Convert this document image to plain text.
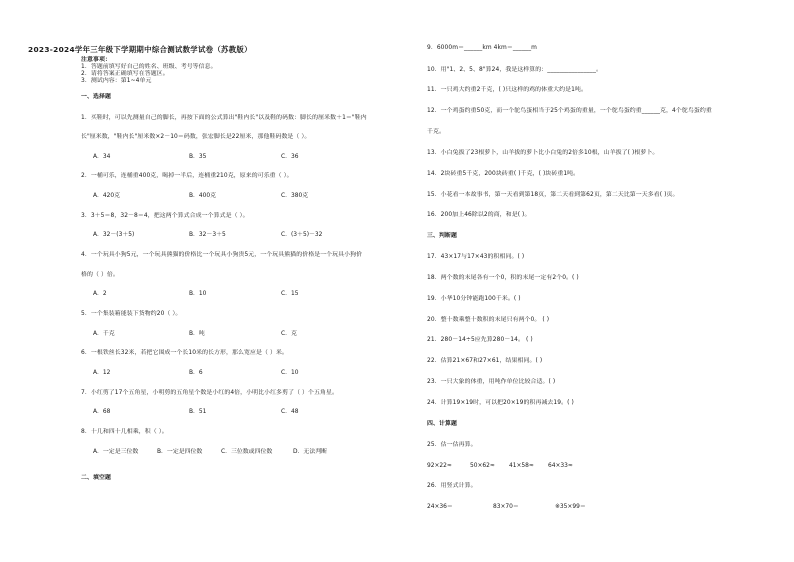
2023-2024学年三年级下学期期中综合测试数学试卷（苏教版）
注意事项：
1．答题前填写好自己的姓名、班级、考号等信息。
2．请将答案正确填写在答题区。
3．测试内容：第1~4单元
一、选择题
1．买鞋时，可以先测量自己的脚长，再按下面的公式算出"鞋内长"以及鞋的码数：脚长的厘米数＋1＝"鞋内
长"厘米数，"鞋内长"厘米数×2－10＝码数，张宏脚长是22厘米，那他鞋码数是（ ）。
A．34	B．35	C．36
2．一桶可乐，连桶重400克，喝掉一半后，连桶重210克，原来的可乐重（ ）。
A．420克	B．400克	C．380克
3．3＋5＝8，32－8＝4，把这两个算式合成一个算式是（ ）。
A．32－(3＋5)	B．32－3＋5	C．(3＋5)－32
4．一个玩具小狗5元，一个玩具熊猫的价格比一个玩具小狗贵5元，一个玩具熊猫的价格是一个玩具小狗价
格的（ ）倍。
A．2	B．10	C．15
5．一个集装箱能装下货物约20（ ）。
A．千克	B．吨	C．克
6．一根铁丝长32米，若把它围成一个长10米的长方形，那么宽应是（ ）米。
A．12	B．6	C．10
7．小红剪了17个五角星，小明剪的五角星个数是小红的4倍，小明比小红多剪了（ ）个五角星。
A．68	B．51	C．48
8．十几和四十几相乘，积（ ）。
A．一定是三位数	B．一定是四位数	C．三位数或四位数	D．无法判断
二、填空题
9．6000m＝______km 4km＝______m
10．用"1、2、5、8"算24，我是这样算的：________________。
11．一只鸡大约重2千克，( )只这样的鸡的体重大约是1吨。
12．一个鸡蛋约重50克，而一个鸵鸟蛋相当于25个鸡蛋的重量，一个鸵鸟蛋约重______克，4个鸵鸟蛋约重
千克。
13．小白兔拔了23根萝卜，山羊拔的萝卜比小白兔的2倍多10根，山羊拔了( )根萝卜。
14．2块砖重5千克，200块砖重( )千克，( )块砖重1吨。
15．小花看一本故事书，第一天看到第18页，第二天看到第62页，第二天比第一天多看( )页。
16．200加上46除以2的商，和是( )。
三、判断题
17．43×17与17×43的积相同。( )
18．两个数的末尾各有一个0，积的末尾一定有2个0。( )
19．小华10分钟能跑100千米。( )
20．整十数乘整十数积的末尾只有两个0。 ( )
21．280－14÷5应先算280－14。 ( )
22．估算21×67和27×61，结果相同。( )
23．一只大象的体重，用吨作单位比较合适。( )
24．计算19×19时，可以把20×19的积再减去19。( )
四、计算题
25．估一估再算。
92×22≈	50×62≈ 41×58≈ 64×33≈
26．用竖式计算。
24×36＝	83×70＝	※35×99＝
